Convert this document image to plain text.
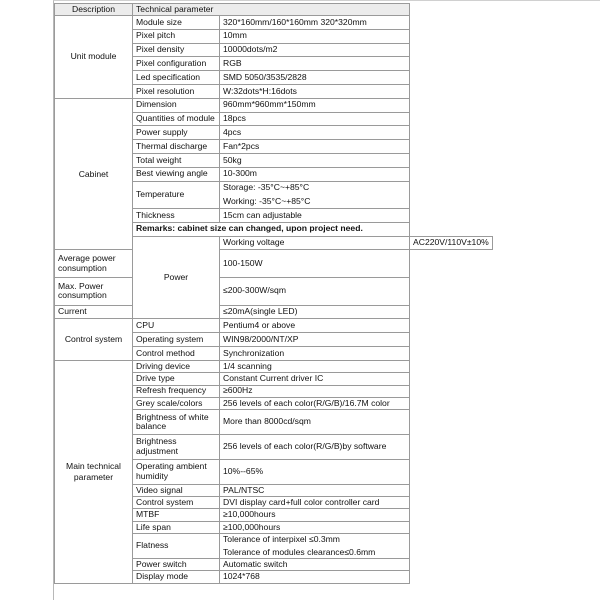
Description	Technical parameter		
Unit module	Module size	320*160mm/160*160mm 320*320mm	
	Pixel pitch	10mm	
	Pixel density	10000dots/m2	
	Pixel configuration	RGB	
	Led specification	SMD 5050/3535/2828	
	Pixel resolution	W:32dots*H:16dots	
Cabinet	Dimension	960mm*960mm*150mm	
	Quantities of module	18pcs	
	Power supply	4pcs	
	Thermal discharge	Fan*2pcs	
	Total weight	50kg	
	Best viewing angle	10-300m	
	Temperature	Storage: -35°C~+85°C
Working: -35°C~+85°C	

	Thickness	15cm can adjustable	
	Remarks: cabinet size can changed, upon project need.		
	Power	Working voltage	AC220V/110V±10%
Average power consumption		100-150W	
Max. Power consumption		≤200-300W/sqm	
Current		≤20mA(single LED)	
Control system	CPU	Pentium4 or above	
	Operating system	WIN98/2000/NT/XP	
	Control method	Synchronization	
Main technical parameter	Driving device	1/4 scanning	
	Drive type	Constant Current driver IC	
	Refresh frequency	≥600Hz	
	Grey scale/colors	256 levels of each color(R/G/B)/16.7M color	
	Brightness of white balance	More than 8000cd/sqm	
	Brightness adjustment	256 levels of each color(R/G/B)by software	
	Operating ambient humidity	10%--65%	
	Video signal	PAL/NTSC	
	Control system	DVI display card+full color controller card	
	MTBF	≥10,000hours	
	Life span	≥100,000hours	
	Flatness	Tolerance of interpixel ≤0.3mm
Tolerance of modules clearance≤0.6mm	

	Power switch	Automatic switch	
	Display mode	1024*768	
